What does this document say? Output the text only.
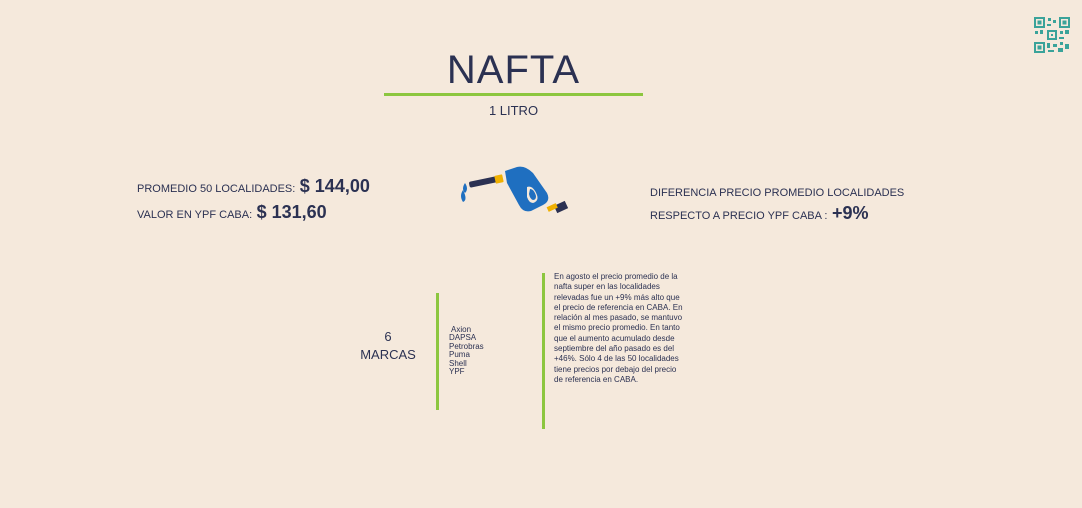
NAFTA
1 LITRO
PROMEDIO 50 LOCALIDADES: $ 144,00
VALOR EN YPF CABA: $ 131,60
DIFERENCIA PRECIO PROMEDIO LOCALIDADES
RESPECTO A PRECIO YPF CABA : +9%
6
MARCAS
Axion
DAPSA
Petrobras
Puma
Shell
YPF
En agosto el precio promedio de la nafta super en las localidades relevadas fue un +9% más alto que el precio de referencia en CABA. En relación al mes pasado, se mantuvo el mismo precio promedio. En tanto que el aumento acumulado desde septiembre del año pasado es del +46%. Sólo 4 de las 50 localidades tiene precios por debajo del precio de referencia en CABA.
